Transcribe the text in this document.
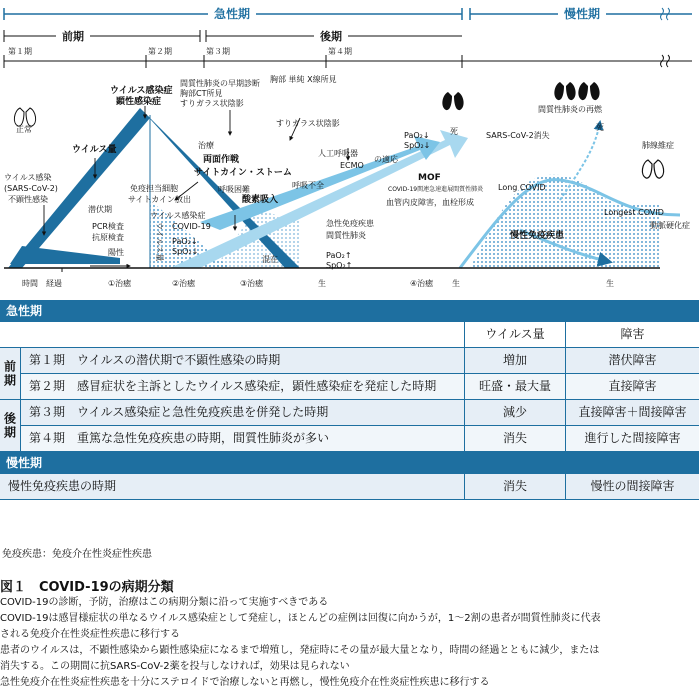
急性期	慢性期
前期	後期
第１期	第２期	第３期	第４期
正常
ウイルス感染
(SARS-CoV-2)
不顕性感染
ウイルス量
潜伏期
PCR検査
抗原検査
陽性
ウイルス感染症
顕性感染症
間質性肺炎の早期診断
胸部CT所見
すりガラス状陰影
治療
両面作戦
サイトカイン・ストーム
免疫担当細胞
サイトカイン放出
ウイルス感染症
COVID-19
呼吸困難
酸素吸入
PaO₂↓
SpO₂↓
ウイルス量	混在
胸部 単純 X線所見
すりガラス状陰影
人工呼吸器
ECMO
の適応
呼吸不全
急性免疫疾患
間質性肺炎
PaO₂↑
SpO₂↑
PaO₂↓
SpO₂↓
死
MOF
COVID-19関連急速進展間質性肺炎
血管内皮障害，血栓形成
間質性肺炎の再燃
死
SARS-CoV-2消失
肺線維症
Long COVID
Longest COVID
慢性免疫疾患
動脈硬化症
時間　経過	①治癒	②治癒	③治癒	生	④治癒 生	生
急性期
ウイルス量	障害
前期	第１期　ウイルスの潜伏期で不顕性感染の時期	増加	潜伏障害
第２期　感冒症状を主訴としたウイルス感染症，顕性感染症を発症した時期	旺盛・最大量	直接障害
後期	第３期　ウイルス感染症と急性免疫疾患を併発した時期	減少	直接障害＋間接障害
第４期　重篤な急性免疫疾患の時期，間質性肺炎が多い	消失	進行した間接障害
慢性期
慢性免疫疾患の時期	消失	慢性の間接障害

免疫疾患：免疫介在性炎症性疾患

図１　COVID-19の病期分類

COVID-19の診断，予防，治療はこの病期分類に沿って実施すべきである

COVID-19は感冒様症状の単なるウイルス感染症として発症し，ほとんどの症例は回復に向かうが，1～2割の患者が間質性肺炎に代表

される免疫介在性炎症性疾患に移行する

患者のウイルスは，不顕性感染から顕性感染症になるまで増殖し，発症時にその量が最大量となり，時間の経過とともに減少，または

消失する。この期間に抗SARS-CoV-2薬を投与しなければ，効果は見られない

急性免疫介在性炎症性疾患を十分にステロイドで治療しないと再燃し，慢性免疫介在性炎症性疾患に移行する
